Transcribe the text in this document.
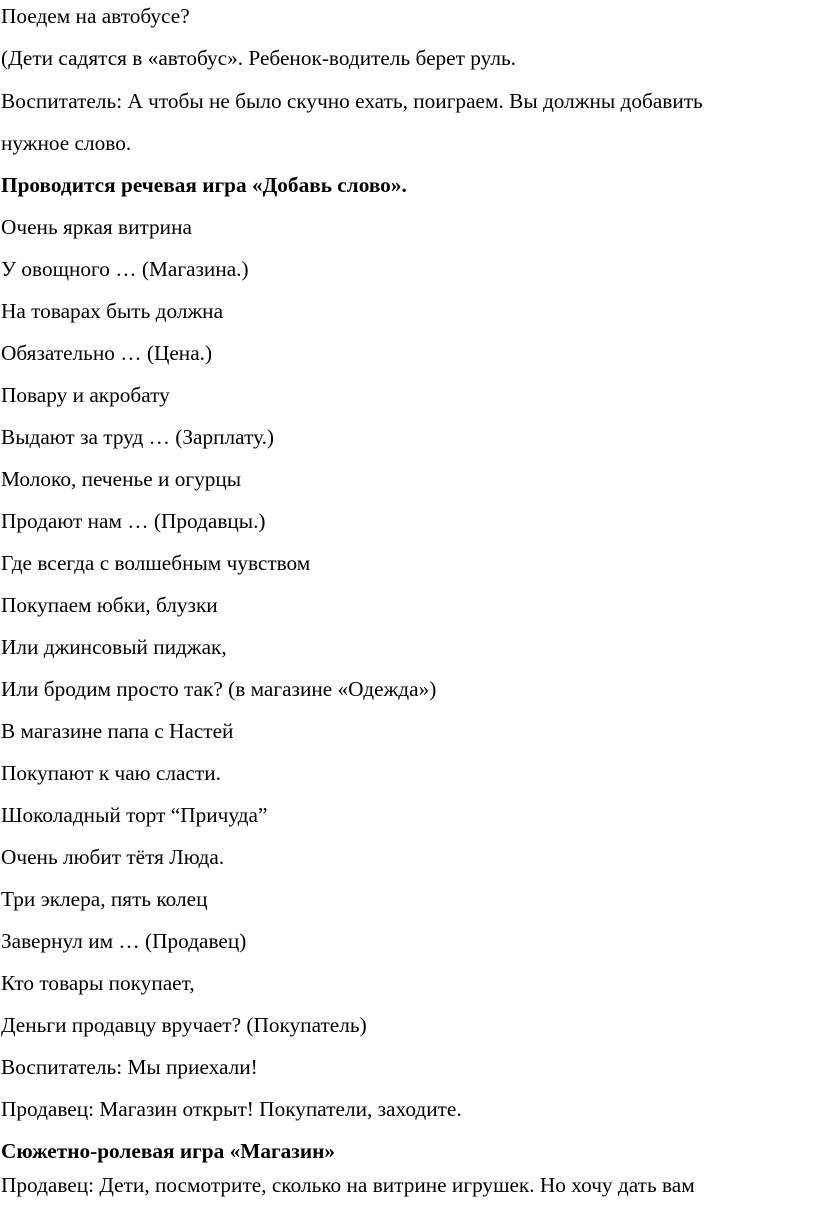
Поедем на автобусе?
(Дети садятся в «автобус». Ребенок-водитель берет руль.
Воспитатель: А чтобы не было скучно ехать, поиграем. Вы должны добавить
нужное слово.
Проводится речевая игра «Добавь слово».
Очень яркая витрина
У овощного … (Магазина.)
На товарах быть должна
Обязательно … (Цена.)
Повару и акробату
Выдают за труд … (Зарплату.)
Молоко, печенье и огурцы
Продают нам … (Продавцы.)
Где всегда с волшебным чувством
Покупаем юбки, блузки
Или джинсовый пиджак,
Или бродим просто так? (в магазине «Одежда»)
В магазине папа с Настей
Покупают к чаю сласти.
Шоколадный торт “Причуда”
Очень любит тётя Люда.
Три эклера, пять колец
Завернул им … (Продавец)
Кто товары покупает,
Деньги продавцу вручает? (Покупатель)
Воспитатель: Мы приехали!
Продавец: Магазин открыт! Покупатели, заходите.
Сюжетно-ролевая игра «Магазин»
Продавец: Дети, посмотрите, сколько на витрине игрушек. Но хочу дать вам
